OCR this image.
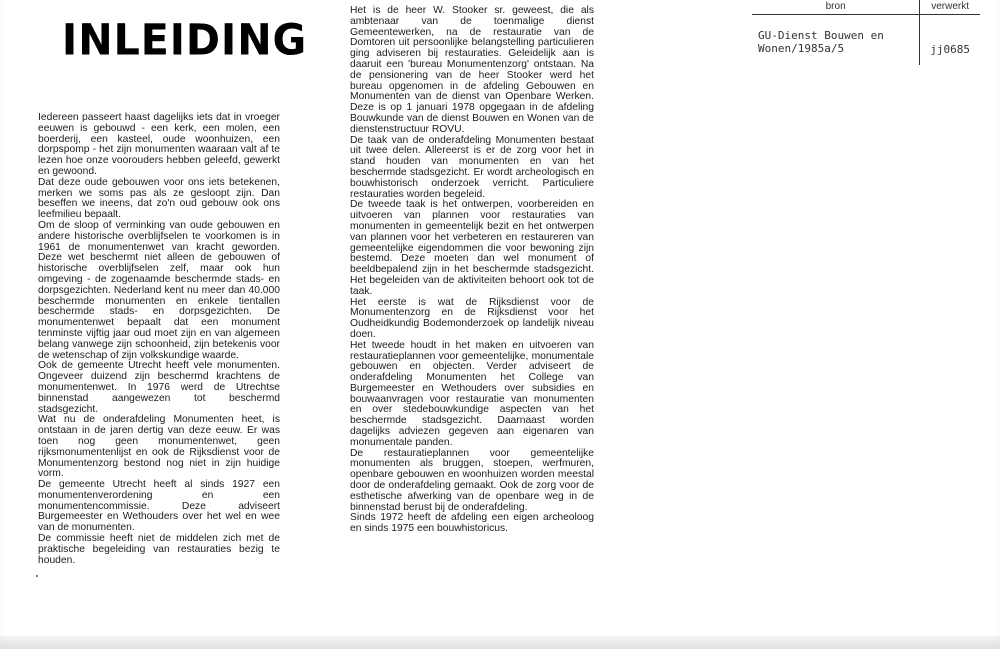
INLEIDING

Iedereen passeert haast dagelijks iets dat in vroeger eeuwen is gebouwd - een kerk, een molen, een boerderij, een kasteel, oude woonhuizen, een dorpspomp - het zijn monumenten waaraan valt af te lezen hoe onze voorouders hebben geleefd, gewerkt en gewoond.

Dat deze oude gebouwen voor ons iets betekenen, merken we soms pas als ze gesloopt zijn. Dan beseffen we ineens, dat zo'n oud gebouw ook ons leefmilieu bepaalt.

Om de sloop of verminking van oude gebouwen en andere historische overblijfselen te voorkomen is in 1961 de monumentenwet van kracht geworden. Deze wet beschermt niet alleen de gebouwen of historische overblijfselen zelf, maar ook hun omgeving - de zogenaamde beschermde stads- en dorpsgezichten. Nederland kent nu meer dan 40.000 beschermde monumenten en enkele tientallen beschermde stads- en dorpsgezichten. De monumentenwet bepaalt dat een monument tenminste vijftig jaar oud moet zijn en van algemeen belang vanwege zijn schoonheid, zijn betekenis voor de wetenschap of zijn volkskundige waarde.

Ook de gemeente Utrecht heeft vele monumenten. Ongeveer duizend zijn beschermd krachtens de monumentenwet. In 1976 werd de Utrechtse binnenstad aangewezen tot beschermd stadsgezicht.

Wat nu de onderafdeling Monumenten heet, is ontstaan in de jaren dertig van deze eeuw. Er was toen nog geen monumentenwet, geen rijksmonumentenlijst en ook de Rijksdienst voor de Monumentenzorg bestond nog niet in zijn huidige vorm.

De gemeente Utrecht heeft al sinds 1927 een monumentenverordening en een monumentencommissie. Deze adviseert Burgemeester en Wethouders over het wel en wee van de monumenten.

De commissie heeft niet de middelen zich met de praktische begeleiding van restauraties bezig te houden.

Het is de heer W. Stooker sr. geweest, die als ambtenaar van de toenmalige dienst Gemeentewerken, na de restauratie van de Domtoren uit persoonlijke belangstelling particulieren ging adviseren bij restauraties. Geleidelijk aan is daaruit een 'bureau Monumentenzorg' ontstaan. Na de pensionering van de heer Stooker werd het bureau opgenomen in de afdeling Gebouwen en Monumenten van de dienst van Openbare Werken. Deze is op 1 januari 1978 opgegaan in de afdeling Bouwkunde van de dienst Bouwen en Wonen van de dienstenstructuur ROVU.

De taak van de onderafdeling Monumenten bestaat uit twee delen. Allereerst is er de zorg voor het in stand houden van monumenten en van het beschermde stadsgezicht. Er wordt archeologisch en bouwhistorisch onderzoek verricht. Particuliere restauraties worden begeleid.

De tweede taak is het ontwerpen, voorbereiden en uitvoeren van plannen voor restauraties van monumenten in gemeentelijk bezit en het ontwerpen van plannen voor het verbeteren en restaureren van gemeentelijke eigendommen die voor bewoning zijn bestemd. Deze moeten dan wel monument of beeldbepalend zijn in het beschermde stadsgezicht. Het begeleiden van de aktiviteiten behoort ook tot de taak.

Het eerste is wat de Rijksdienst voor de Monumentenzorg en de Rijksdienst voor het Oudheidkundig Bodemonderzoek op landelijk niveau doen.

Het tweede houdt in het maken en uitvoeren van restauratieplannen voor gemeentelijke, monumentale gebouwen en objecten. Verder adviseert de onderafdeling Monumenten het College van Burgemeester en Wethouders over subsidies en bouwaanvragen voor restauratie van monumenten en over stedebouwkundige aspecten van het beschermde stadsgezicht. Daarnaast worden dagelijks adviezen gegeven aan eigenaren van monumentale panden.

De restauratieplannen voor gemeentelijke monumenten als bruggen, stoepen, werfmuren, openbare gebouwen en woonhuizen worden meestal door de onderafdeling gemaakt. Ook de zorg voor de esthetische afwerking van de openbare weg in de binnenstad berust bij de onderafdeling.

Sinds 1972 heeft de afdeling een eigen archeoloog en sinds 1975 een bouwhistoricus.

bron	verwerkt
GU-Dienst Bouwen en
Wonen/1985a/5	jj0685
